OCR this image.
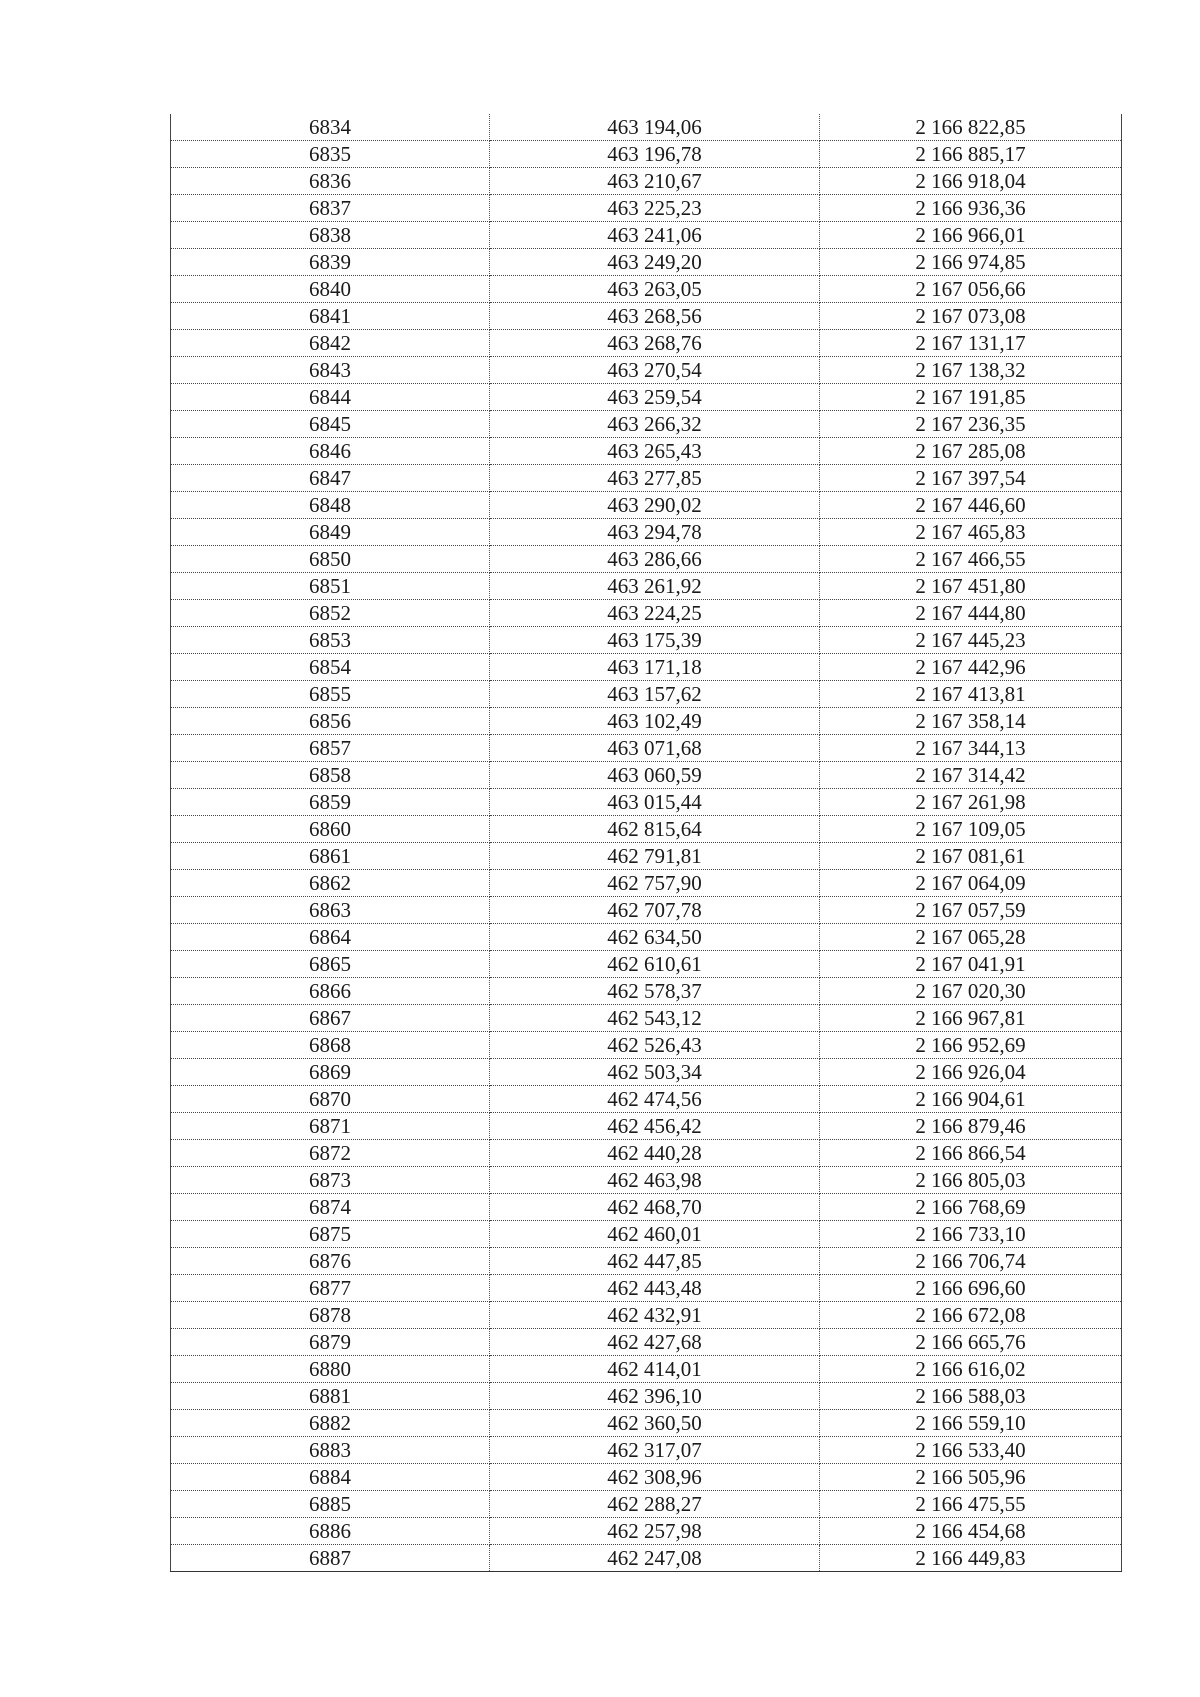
6834	463 194,06	2 166 822,85
6835	463 196,78	2 166 885,17
6836	463 210,67	2 166 918,04
6837	463 225,23	2 166 936,36
6838	463 241,06	2 166 966,01
6839	463 249,20	2 166 974,85
6840	463 263,05	2 167 056,66
6841	463 268,56	2 167 073,08
6842	463 268,76	2 167 131,17
6843	463 270,54	2 167 138,32
6844	463 259,54	2 167 191,85
6845	463 266,32	2 167 236,35
6846	463 265,43	2 167 285,08
6847	463 277,85	2 167 397,54
6848	463 290,02	2 167 446,60
6849	463 294,78	2 167 465,83
6850	463 286,66	2 167 466,55
6851	463 261,92	2 167 451,80
6852	463 224,25	2 167 444,80
6853	463 175,39	2 167 445,23
6854	463 171,18	2 167 442,96
6855	463 157,62	2 167 413,81
6856	463 102,49	2 167 358,14
6857	463 071,68	2 167 344,13
6858	463 060,59	2 167 314,42
6859	463 015,44	2 167 261,98
6860	462 815,64	2 167 109,05
6861	462 791,81	2 167 081,61
6862	462 757,90	2 167 064,09
6863	462 707,78	2 167 057,59
6864	462 634,50	2 167 065,28
6865	462 610,61	2 167 041,91
6866	462 578,37	2 167 020,30
6867	462 543,12	2 166 967,81
6868	462 526,43	2 166 952,69
6869	462 503,34	2 166 926,04
6870	462 474,56	2 166 904,61
6871	462 456,42	2 166 879,46
6872	462 440,28	2 166 866,54
6873	462 463,98	2 166 805,03
6874	462 468,70	2 166 768,69
6875	462 460,01	2 166 733,10
6876	462 447,85	2 166 706,74
6877	462 443,48	2 166 696,60
6878	462 432,91	2 166 672,08
6879	462 427,68	2 166 665,76
6880	462 414,01	2 166 616,02
6881	462 396,10	2 166 588,03
6882	462 360,50	2 166 559,10
6883	462 317,07	2 166 533,40
6884	462 308,96	2 166 505,96
6885	462 288,27	2 166 475,55
6886	462 257,98	2 166 454,68
6887	462 247,08	2 166 449,83
